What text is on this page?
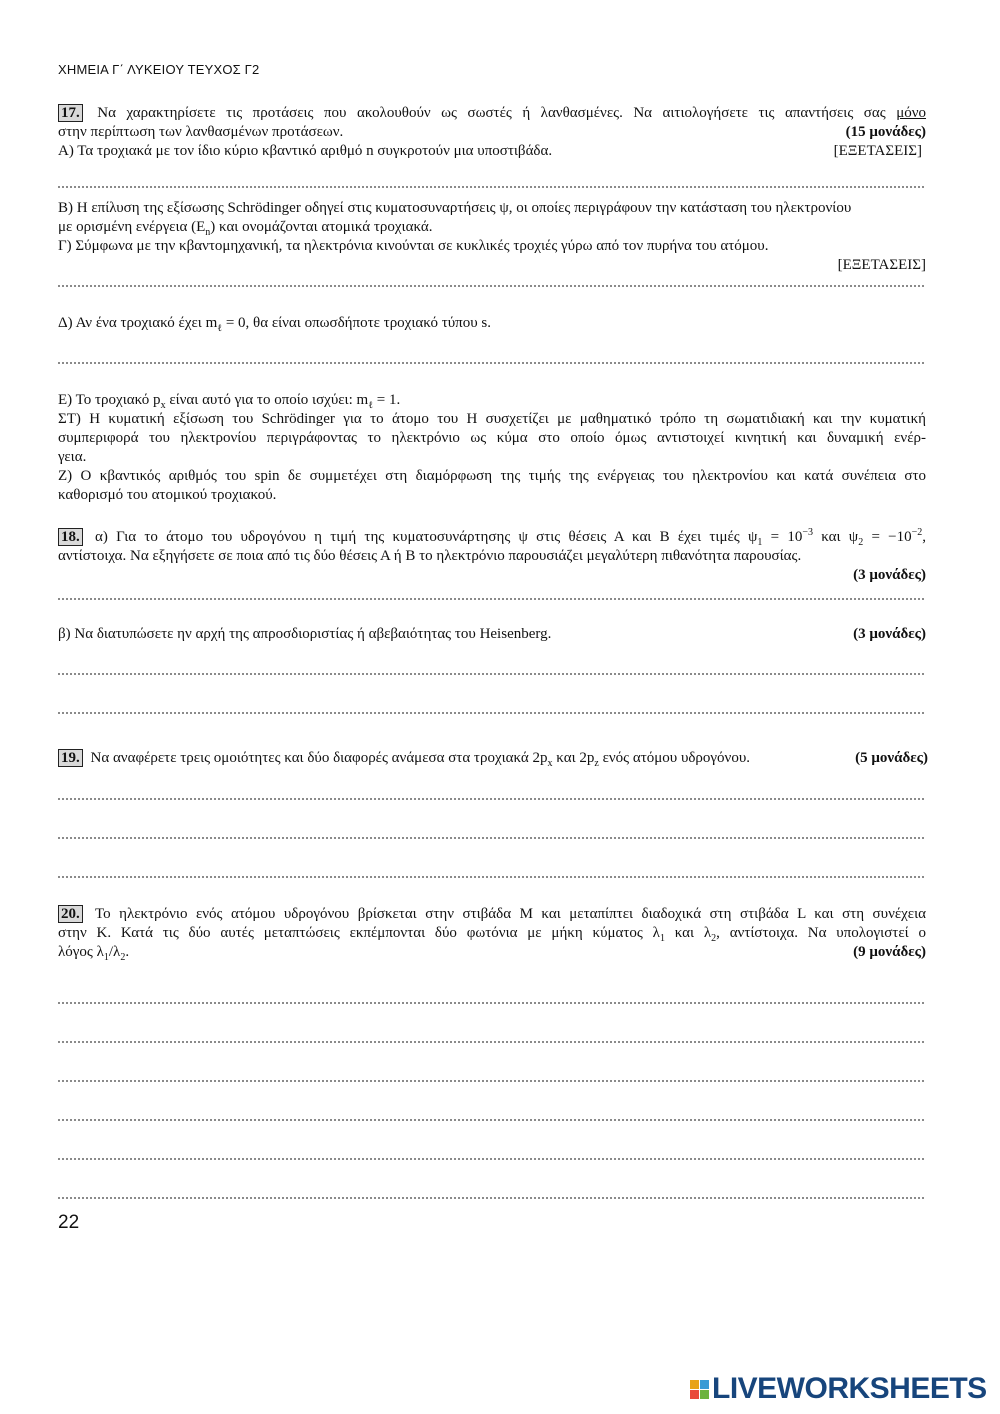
ΧΗΜΕΙΑ Γ΄ ΛΥΚΕΙΟΥ ΤΕΥΧΟΣ Γ2
17. Να χαρακτηρίσετε τις προτάσεις που ακολουθούν ως σωστές ή λανθασμένες. Να αιτιολογήσετε τις απαντήσεις σας μόνο
στην περίπτωση των λανθασμένων προτάσεων.	(15 μονάδες)
Α) Τα τροχιακά με τον ίδιο κύριο κβαντικό αριθμό n συγκροτούν μια υποστιβάδα.	[ΕΞΕΤΑΣΕΙΣ]
Β) Η επίλυση της εξίσωσης Schrödinger οδηγεί στις κυματοσυναρτήσεις ψ, οι οποίες περιγράφουν την κατάσταση του ηλεκτρονίου
με ορισμένη ενέργεια $(E_n)$ και ονομάζονται ατομικά τροχιακά.
Γ) Σύμφωνα με την κβαντομηχανική, τα ηλεκτρόνια κινούνται σε κυκλικές τροχιές γύρω από τον πυρήνα του ατόμου.
[ΕΞΕΤΑΣΕΙΣ]
Δ) Αν ένα τροχιακό έχει $m_\ell = 0$, θα είναι οπωσδήποτε τροχιακό τύπου s.
Ε) Το τροχιακό $p_x$ είναι αυτό για το οποίο ισχύει: $m_\ell = 1$.
ΣΤ) Η κυματική εξίσωση του Schrödinger για το άτομο του Η συσχετίζει με μαθηματικό τρόπο τη σωματιδιακή και την κυματική
συμπεριφορά του ηλεκτρονίου περιγράφοντας το ηλεκτρόνιο ως κύμα στο οποίο όμως αντιστοιχεί κινητική και δυναμική ενέρ-
γεια.
Ζ) Ο κβαντικός αριθμός του spin δε συμμετέχει στη διαμόρφωση της τιμής της ενέργειας του ηλεκτρονίου και κατά συνέπεια στο
καθορισμό του ατομικού τροχιακού.
18. α) Για το άτομο του υδρογόνου η τιμή της κυματοσυνάρτησης ψ στις θέσεις Α και Β έχει τιμές $\psi_1 = 10^{-3}$ και $\psi_2 = -10^{-2}$,
αντίστοιχα. Να εξηγήσετε σε ποια από τις δύο θέσεις Α ή Β το ηλεκτρόνιο παρουσιάζει μεγαλύτερη πιθανότητα παρουσίας.
(3 μονάδες)
β) Να διατυπώσετε ην αρχή της απροσδιοριστίας ή αβεβαιότητας του Heisenberg.	(3 μονάδες)
19. Να αναφέρετε τρεις ομοιότητες και δύο διαφορές ανάμεσα στα τροχιακά $2p_x$ και $2p_z$ ενός ατόμου υδρογόνου.	(5 μονάδες)
20. Το ηλεκτρόνιο ενός ατόμου υδρογόνου βρίσκεται στην στιβάδα Μ και μεταπίπτει διαδοχικά στη στιβάδα L και στη συνέχεια
στην Κ. Κατά τις δύο αυτές μεταπτώσεις εκπέμπονται δύο φωτόνια με μήκη κύματος $\lambda_1$ και $\lambda_2$, αντίστοιχα. Να υπολογιστεί ο
λόγος $\lambda_1/\lambda_2$.	(9 μονάδες)
22
LIVEWORKSHEETS
